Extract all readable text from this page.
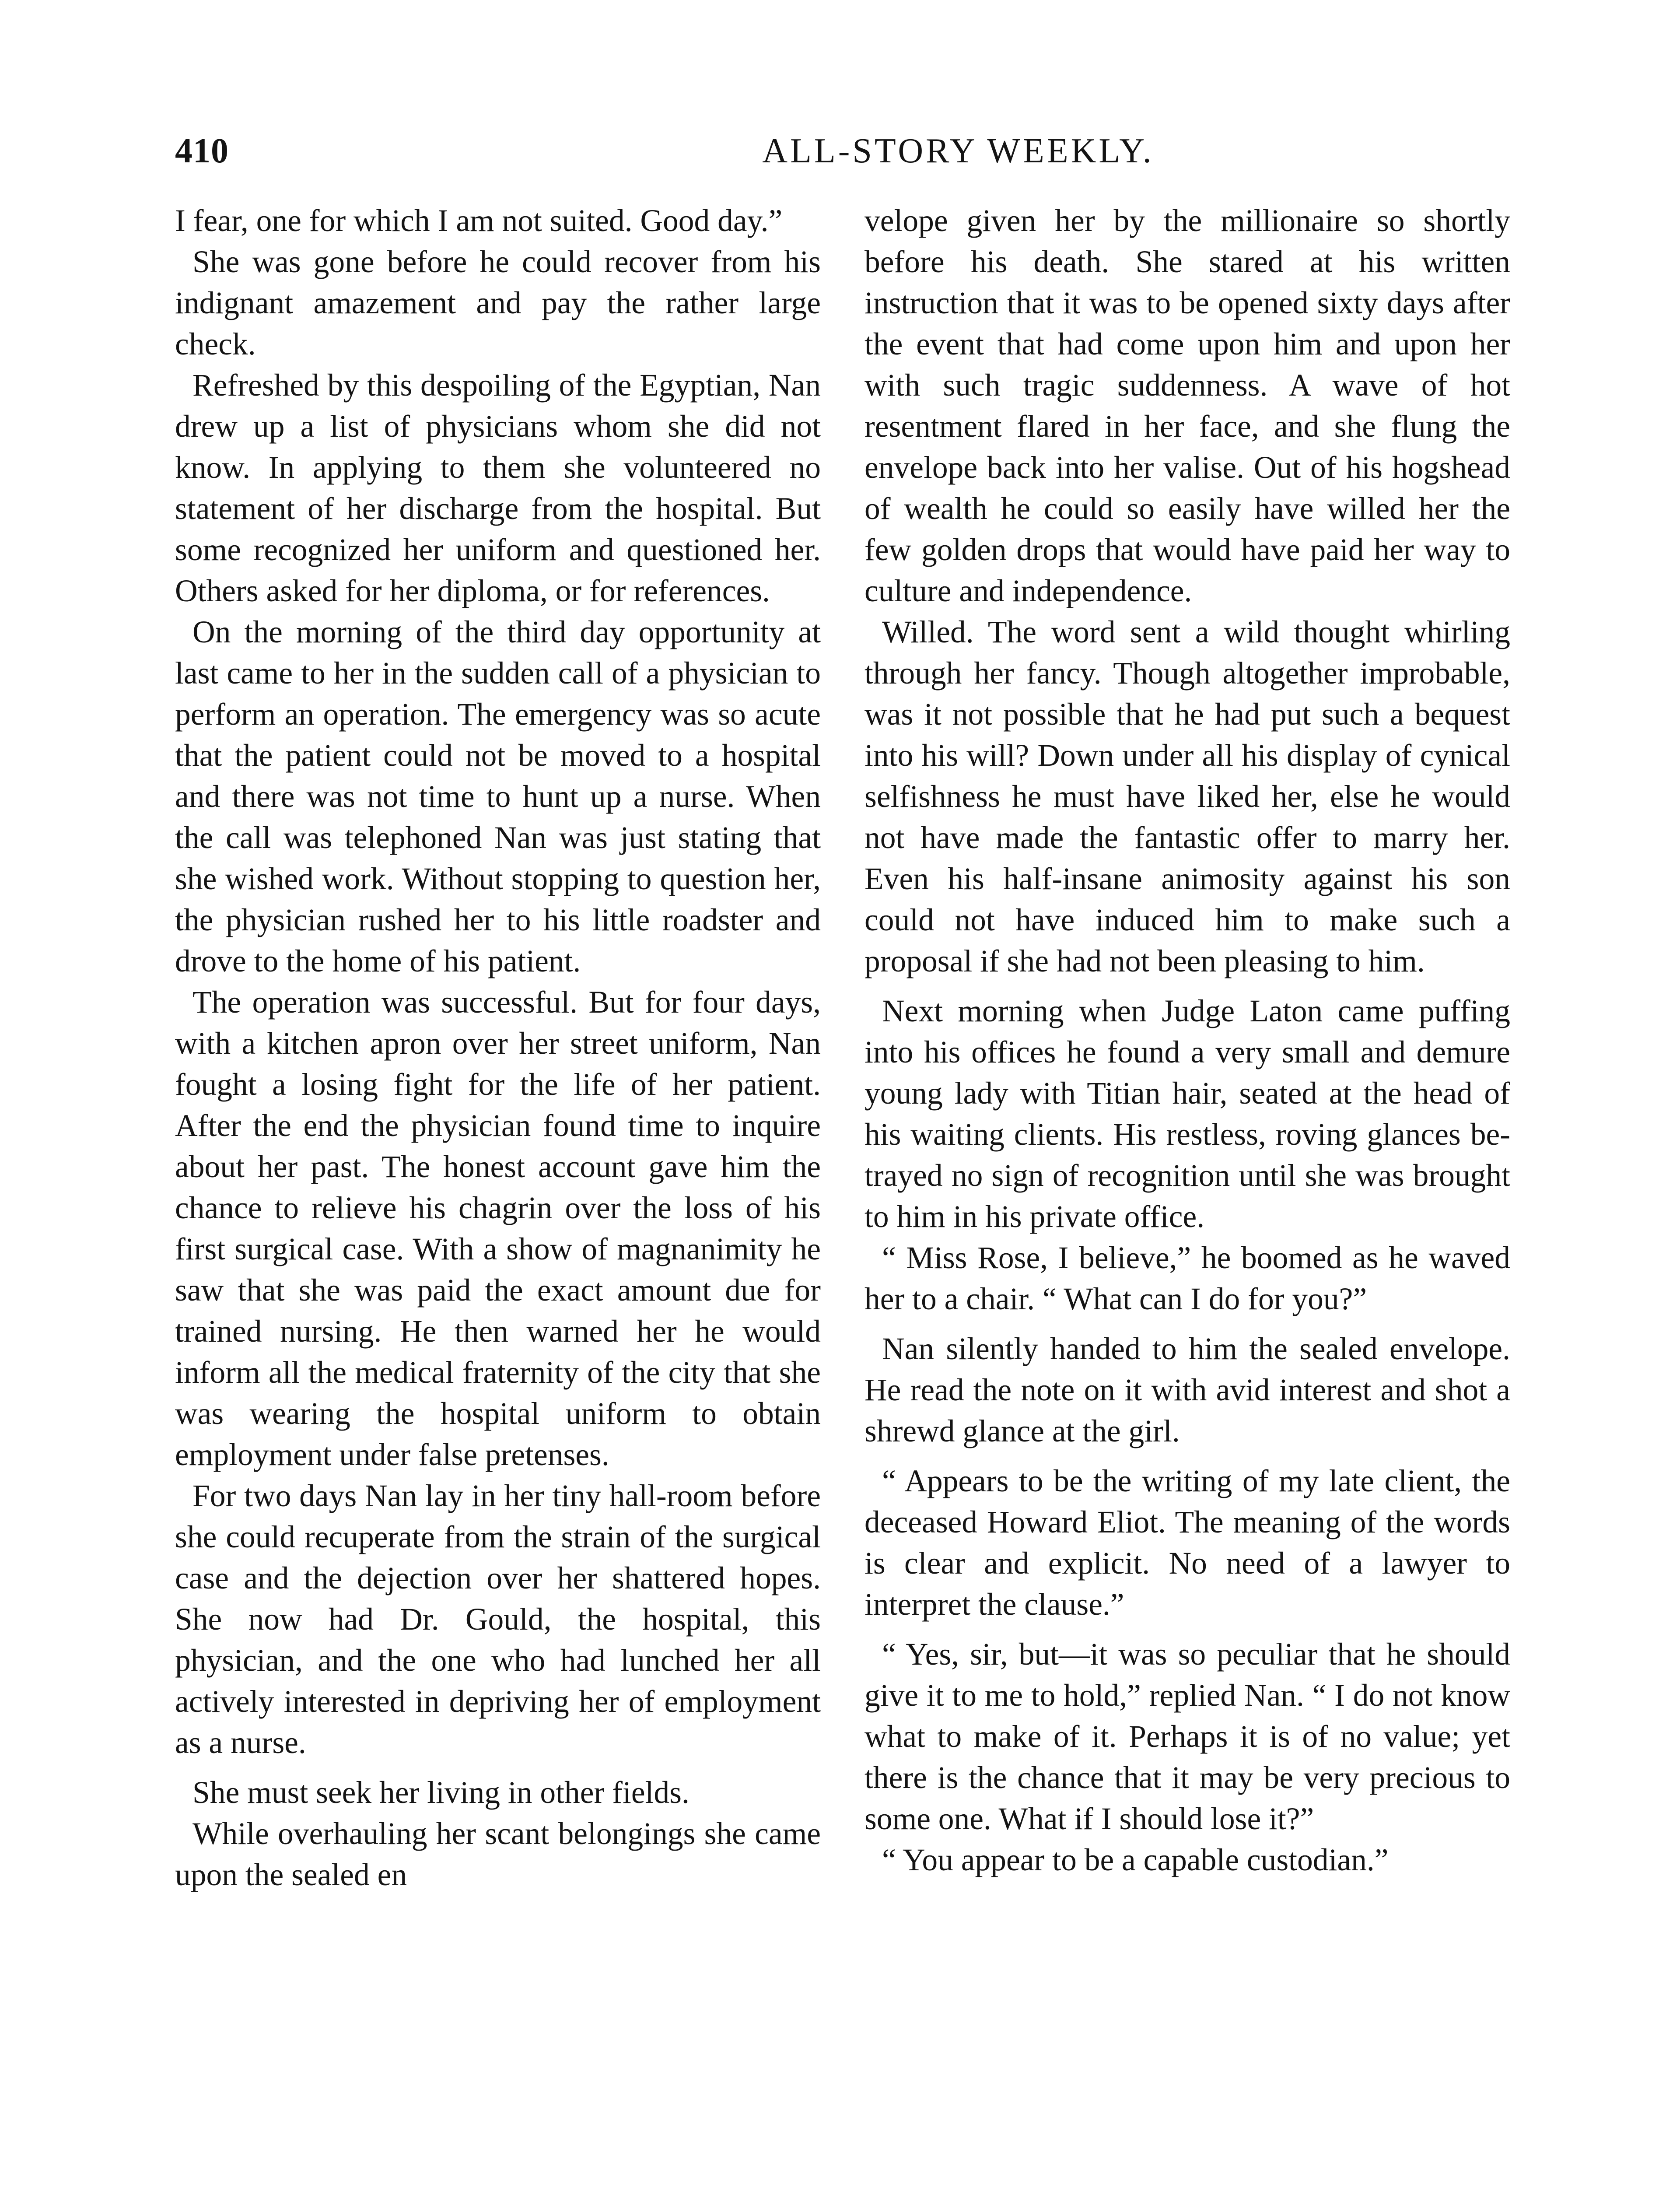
410	ALL-STORY WEEKLY.

I fear, one for which I am not suited. Good day.”

She was gone before he could recover from his indignant amazement and pay the rather large check.

Refreshed by this despoiling of the Egyptian, Nan drew up a list of physicians whom she did not know. In applying to them she volunteered no statement of her discharge from the hospital. But some recognized her uniform and questioned her. Others asked for her diploma, or for references.

On the morning of the third day opportunity at last came to her in the sudden call of a physician to perform an operation. The emergency was so acute that the patient could not be moved to a hospital and there was not time to hunt up a nurse. When the call was telephoned Nan was just stating that she wished work. Without stopping to question her, the physician rushed her to his little roadster and drove to the home of his patient.

The operation was successful. But for four days, with a kitchen apron over her street uniform, Nan fought a losing fight for the life of her patient. After the end the physician found time to inquire about her past. The honest account gave him the chance to relieve his chagrin over the loss of his first surgical case. With a show of magnanimity he saw that she was paid the exact amount due for trained nursing. He then warned her he would inform all the medical fraternity of the city that she was wearing the hospital uniform to obtain employment under false pretenses.

For two days Nan lay in her tiny hall-room before she could recuperate from the strain of the surgical case and the dejection over her shattered hopes. She now had Dr. Gould, the hospital, this physician, and the one who had lunched her all actively interested in depriving her of employment as a nurse.

She must seek her living in other fields.

While overhauling her scant belongings she came upon the sealed en

velope given her by the millionaire so shortly before his death. She stared at his written instruction that it was to be opened sixty days after the event that had come upon him and upon her with such tragic suddenness. A wave of hot resentment flared in her face, and she flung the envelope back into her valise. Out of his hogshead of wealth he could so easily have willed her the few golden drops that would have paid her way to culture and independence.

Willed. The word sent a wild thought whirling through her fancy. Though altogether improbable, was it not possible that he had put such a bequest into his will? Down under all his display of cynical selfishness he must have liked her, else he would not have made the fantastic offer to marry her. Even his half-insane animosity against his son could not have induced him to make such a proposal if she had not been pleasing to him.

Next morning when Judge Laton came puffing into his offices he found a very small and demure young lady with Titian hair, seated at the head of his waiting clients. His restless, roving glances betrayed no sign of recognition until she was brought to him in his private office.

“ Miss Rose, I believe,” he boomed as he waved her to a chair. “ What can I do for you?”

Nan silently handed to him the sealed envelope. He read the note on it with avid interest and shot a shrewd glance at the girl.

“ Appears to be the writing of my late client, the deceased Howard Eliot. The meaning of the words is clear and explicit. No need of a lawyer to interpret the clause.”

“ Yes, sir, but—it was so peculiar that he should give it to me to hold,” replied Nan. “ I do not know what to make of it. Perhaps it is of no value; yet there is the chance that it may be very precious to some one. What if I should lose it?”

“ You appear to be a capable custodian.”
